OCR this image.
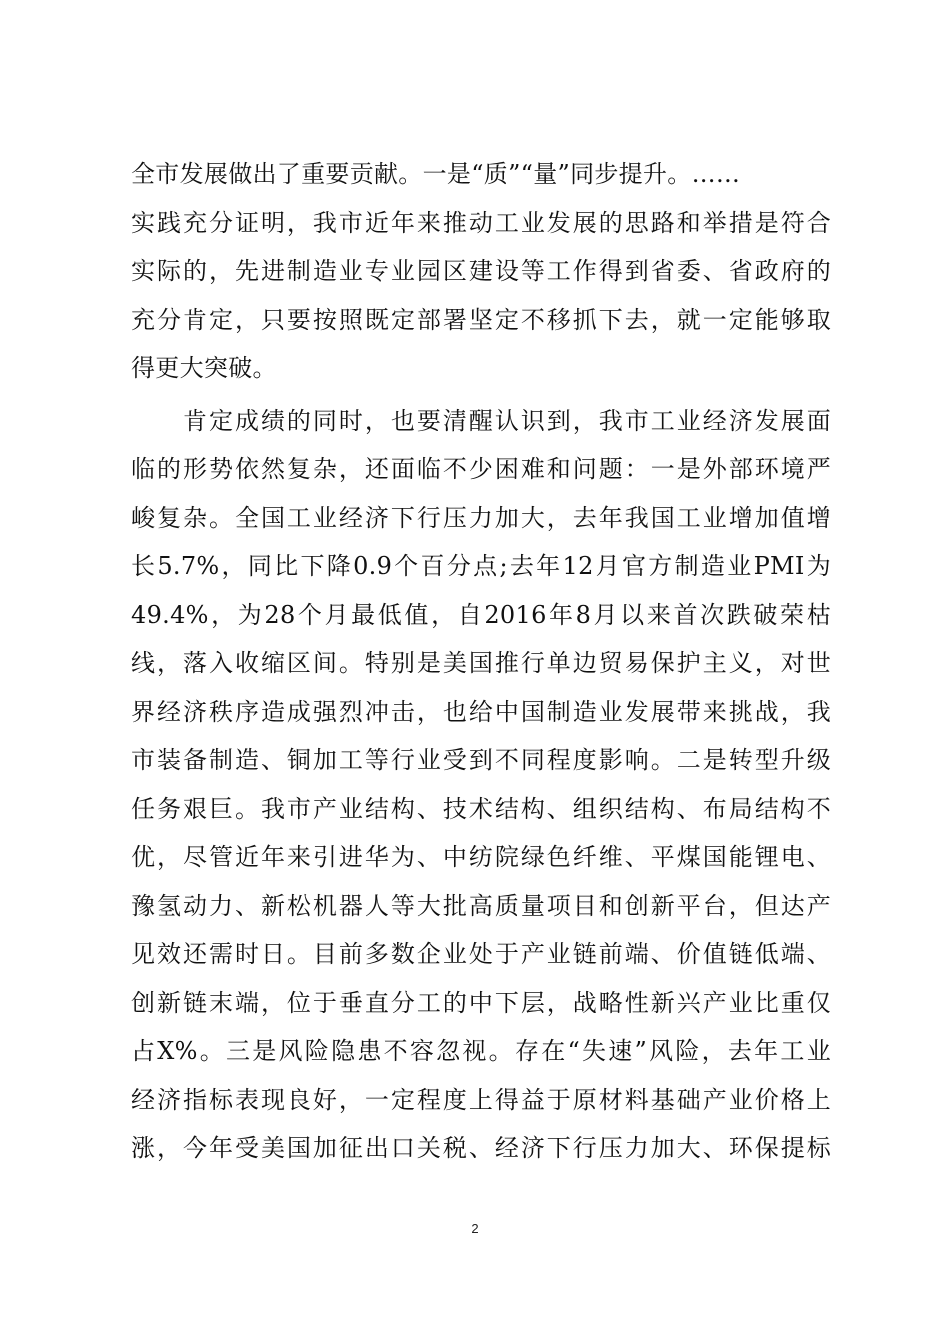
全市发展做出了重要贡献。一是“质”“量”同步提升。……
实践充分证明，我市近年来推动工业发展的思路和举措是符合
实际的，先进制造业专业园区建设等工作得到省委、省政府的
充分肯定，只要按照既定部署坚定不移抓下去，就一定能够取
得更大突破。
　　肯定成绩的同时，也要清醒认识到，我市工业经济发展面
临的形势依然复杂，还面临不少困难和问题：一是外部环境严
峻复杂。全国工业经济下行压力加大，去年我国工业增加值增
长5.7%，同比下降0.9个百分点;去年12月官方制造业PMI为
49.4%，为28个月最低值，自2016年8月以来首次跌破荣枯
线，落入收缩区间。特别是美国推行单边贸易保护主义，对世
界经济秩序造成强烈冲击，也给中国制造业发展带来挑战，我
市装备制造、铜加工等行业受到不同程度影响。二是转型升级
任务艰巨。我市产业结构、技术结构、组织结构、布局结构不
优，尽管近年来引进华为、中纺院绿色纤维、平煤国能锂电、
豫氢动力、新松机器人等大批高质量项目和创新平台，但达产
见效还需时日。目前多数企业处于产业链前端、价值链低端、
创新链末端，位于垂直分工的中下层，战略性新兴产业比重仅
占X%。三是风险隐患不容忽视。存在“失速”风险，去年工业
经济指标表现良好，一定程度上得益于原材料基础产业价格上
涨，今年受美国加征出口关税、经济下行压力加大、环保提标
2
